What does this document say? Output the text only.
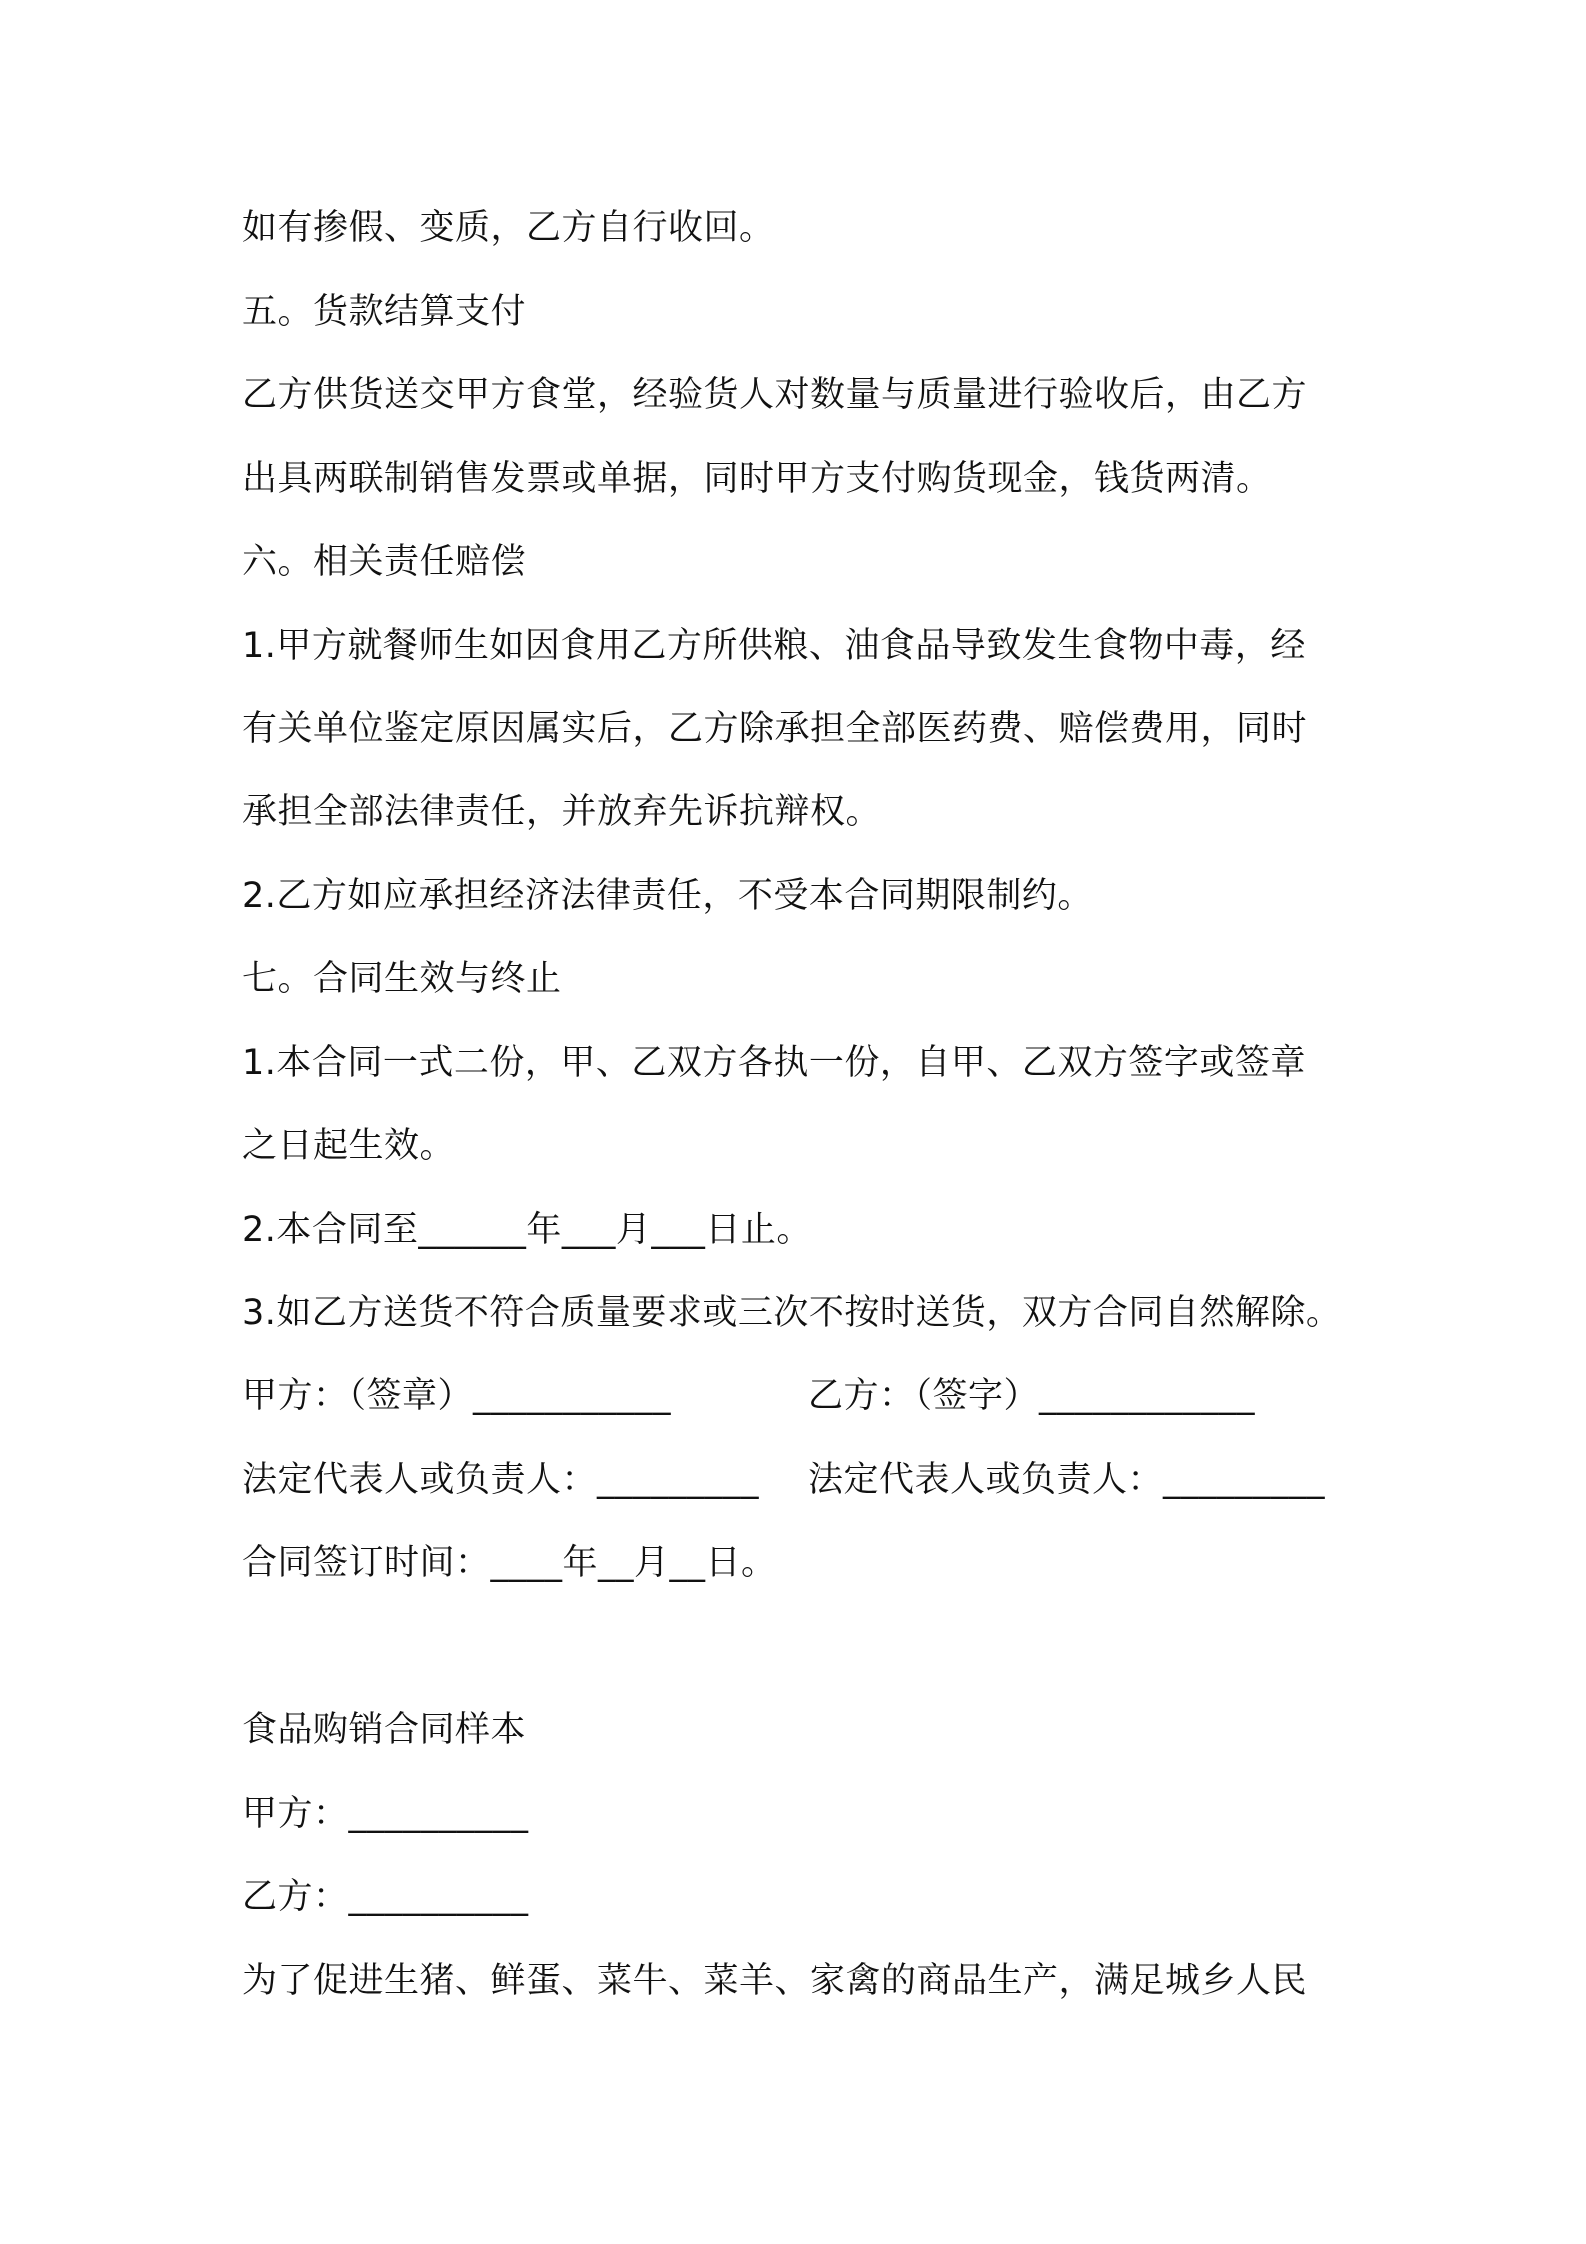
如有掺假、变质，乙方自行收回。
五。货款结算支付
乙方供货送交甲方食堂，经验货人对数量与质量进行验收后，由乙方
出具两联制销售发票或单据，同时甲方支付购货现金，钱货两清。
六。相关责任赔偿
1.甲方就餐师生如因食用乙方所供粮、油食品导致发生食物中毒，经
有关单位鉴定原因属实后，乙方除承担全部医药费、赔偿费用，同时
承担全部法律责任，并放弃先诉抗辩权。
2.乙方如应承担经济法律责任，不受本合同期限制约。
七。合同生效与终止
1.本合同一式二份，甲、乙双方各执一份，自甲、乙双方签字或签章
之日起生效。
2.本合同至______年___月___日止。
3.如乙方送货不符合质量要求或三次不按时送货，双方合同自然解除。
甲方：（签章）___________	乙方：（签字）____________
法定代表人或负责人：_________ 法定代表人或负责人：_________
合同签订时间：____年__月__日。
食品购销合同样本
甲方：__________
乙方：__________
为了促进生猪、鲜蛋、菜牛、菜羊、家禽的商品生产，满足城乡人民
